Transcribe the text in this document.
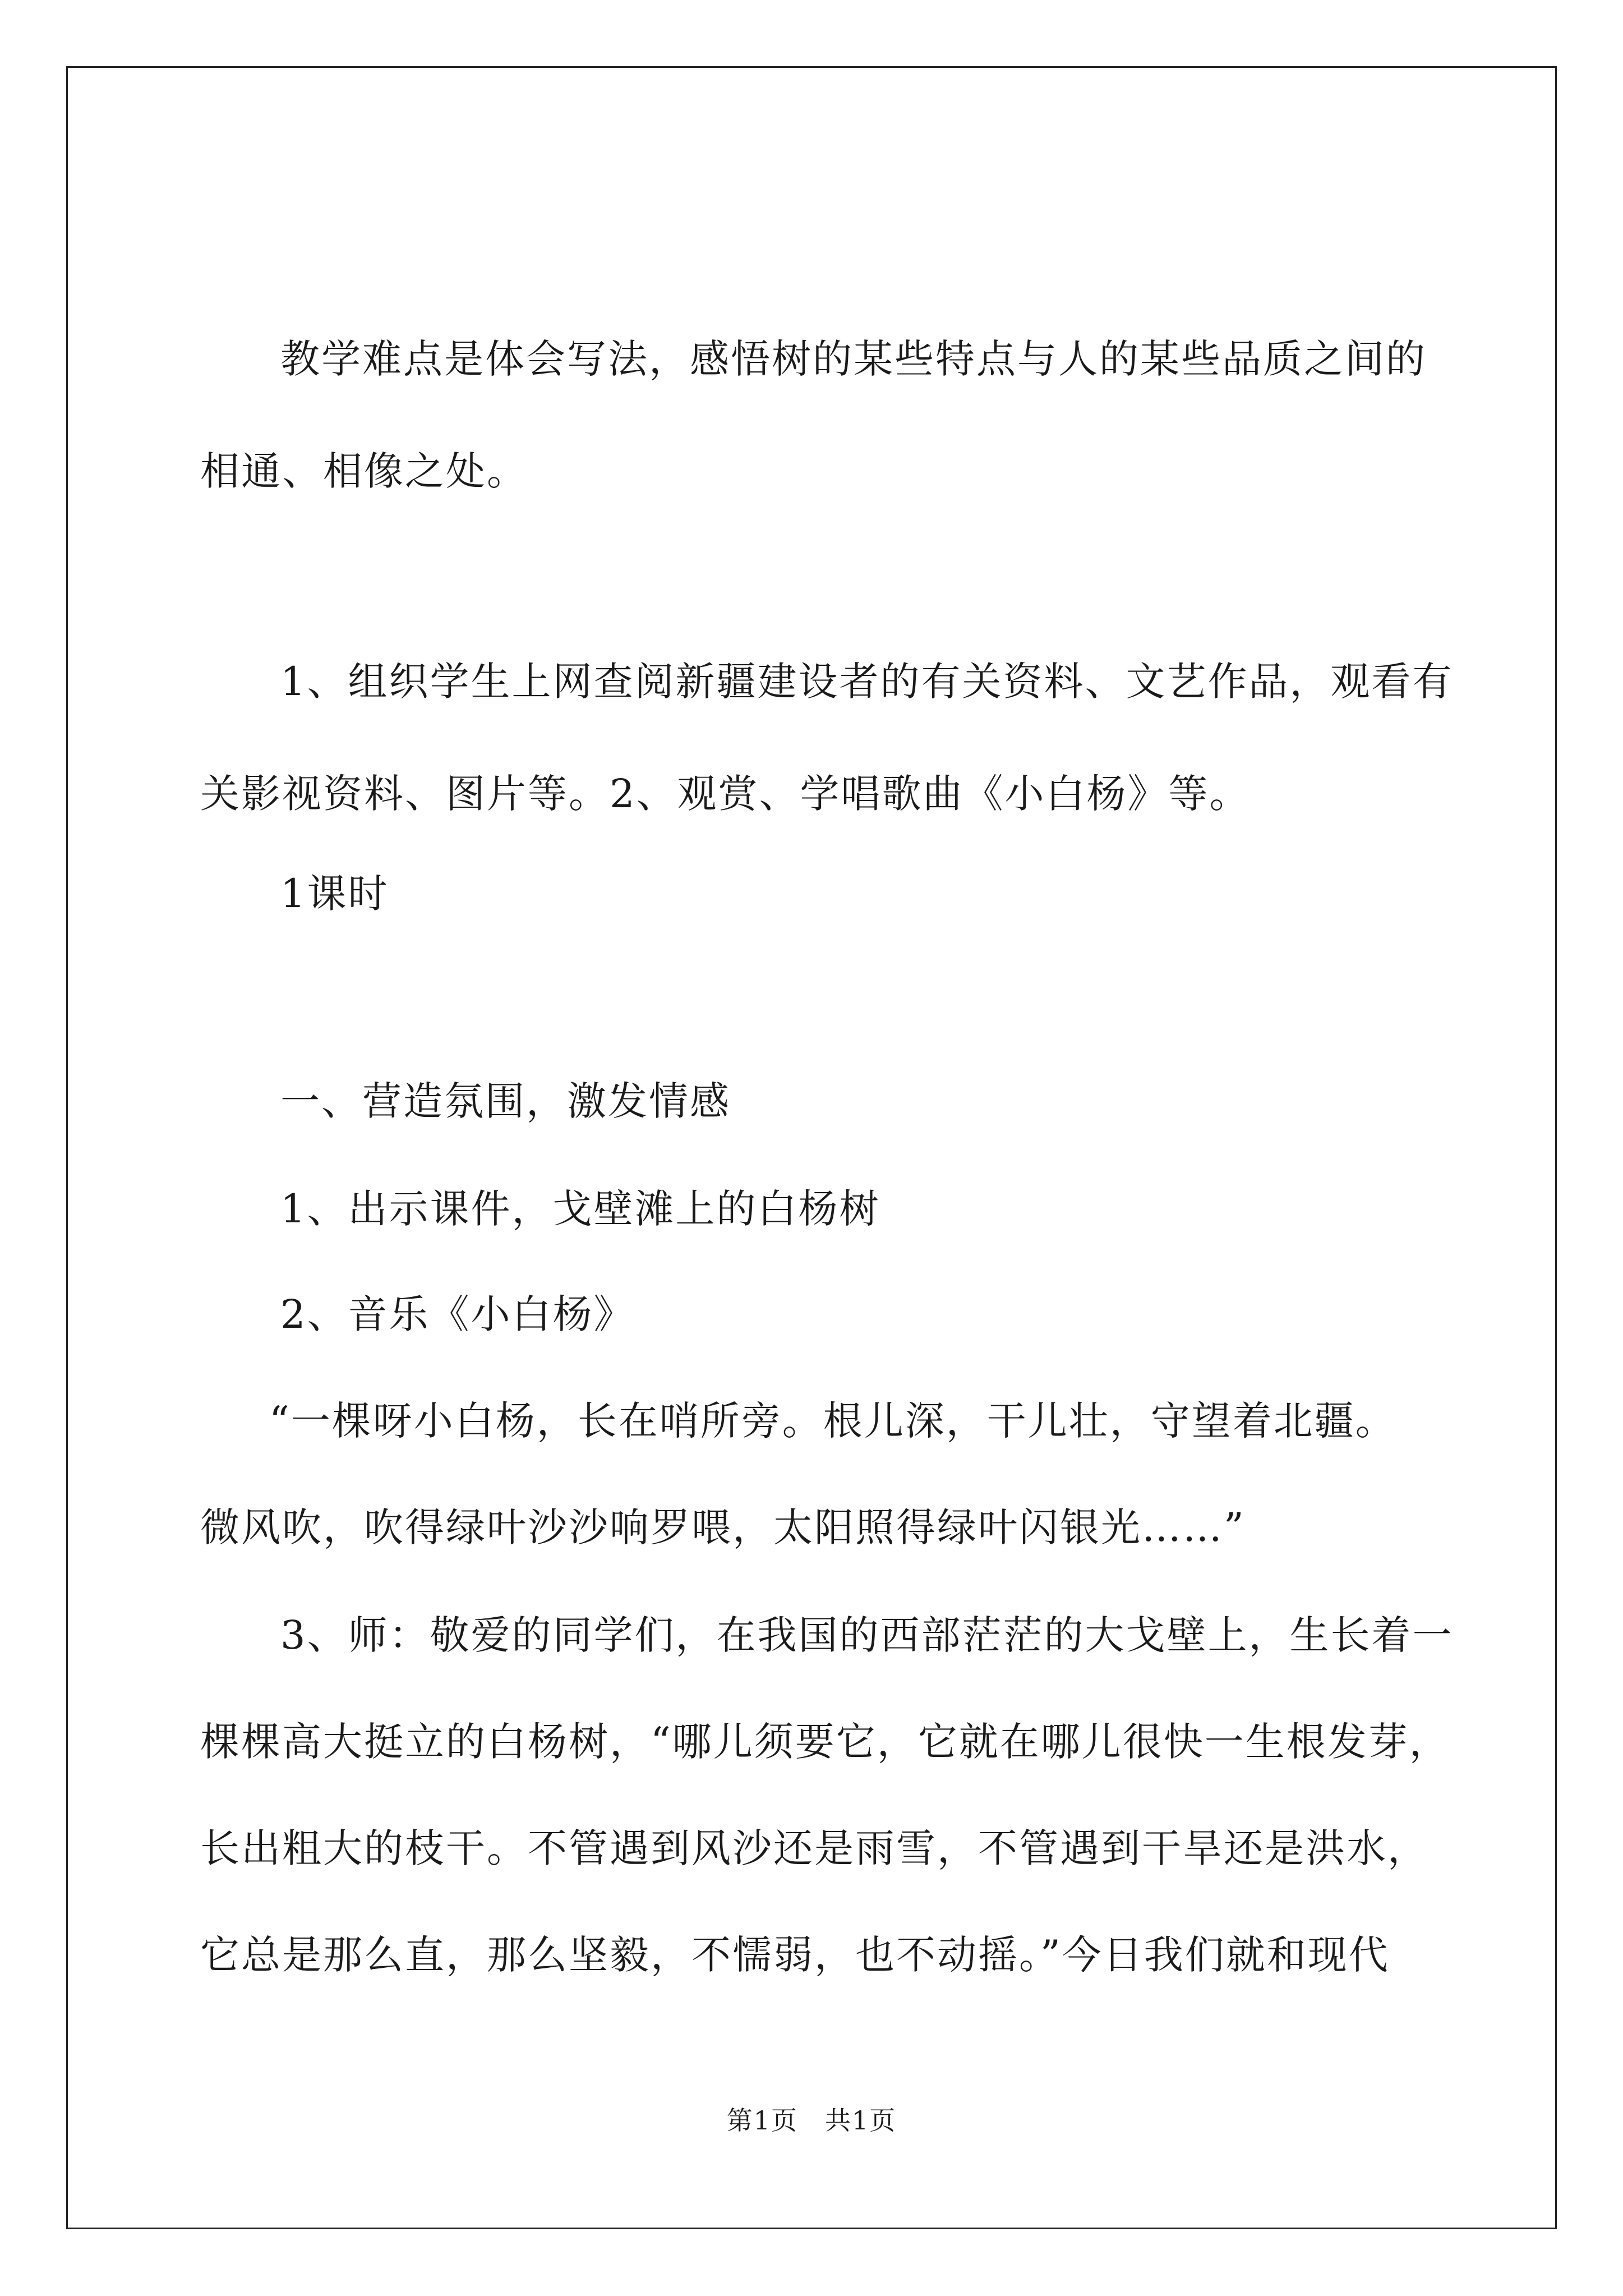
教学难点是体会写法，感悟树的某些特点与人的某些品质之间的
相通、相像之处。
1、组织学生上网查阅新疆建设者的有关资料、文艺作品，观看有
关影视资料、图片等。2、观赏、学唱歌曲《小白杨》等。
1课时
一、营造氛围，激发情感
1、出示课件，戈壁滩上的白杨树
2、音乐《小白杨》
“一棵呀小白杨，长在哨所旁。根儿深，干儿壮，守望着北疆。
微风吹，吹得绿叶沙沙响罗喂，太阳照得绿叶闪银光……”
3、师：敬爱的同学们，在我国的西部茫茫的大戈壁上，生长着一
棵棵高大挺立的白杨树，“哪儿须要它，它就在哪儿很快一生根发芽，
长出粗大的枝干。不管遇到风沙还是雨雪，不管遇到干旱还是洪水，
它总是那么直，那么坚毅，不懦弱，也不动摇。”今日我们就和现代
第1页 共1页
